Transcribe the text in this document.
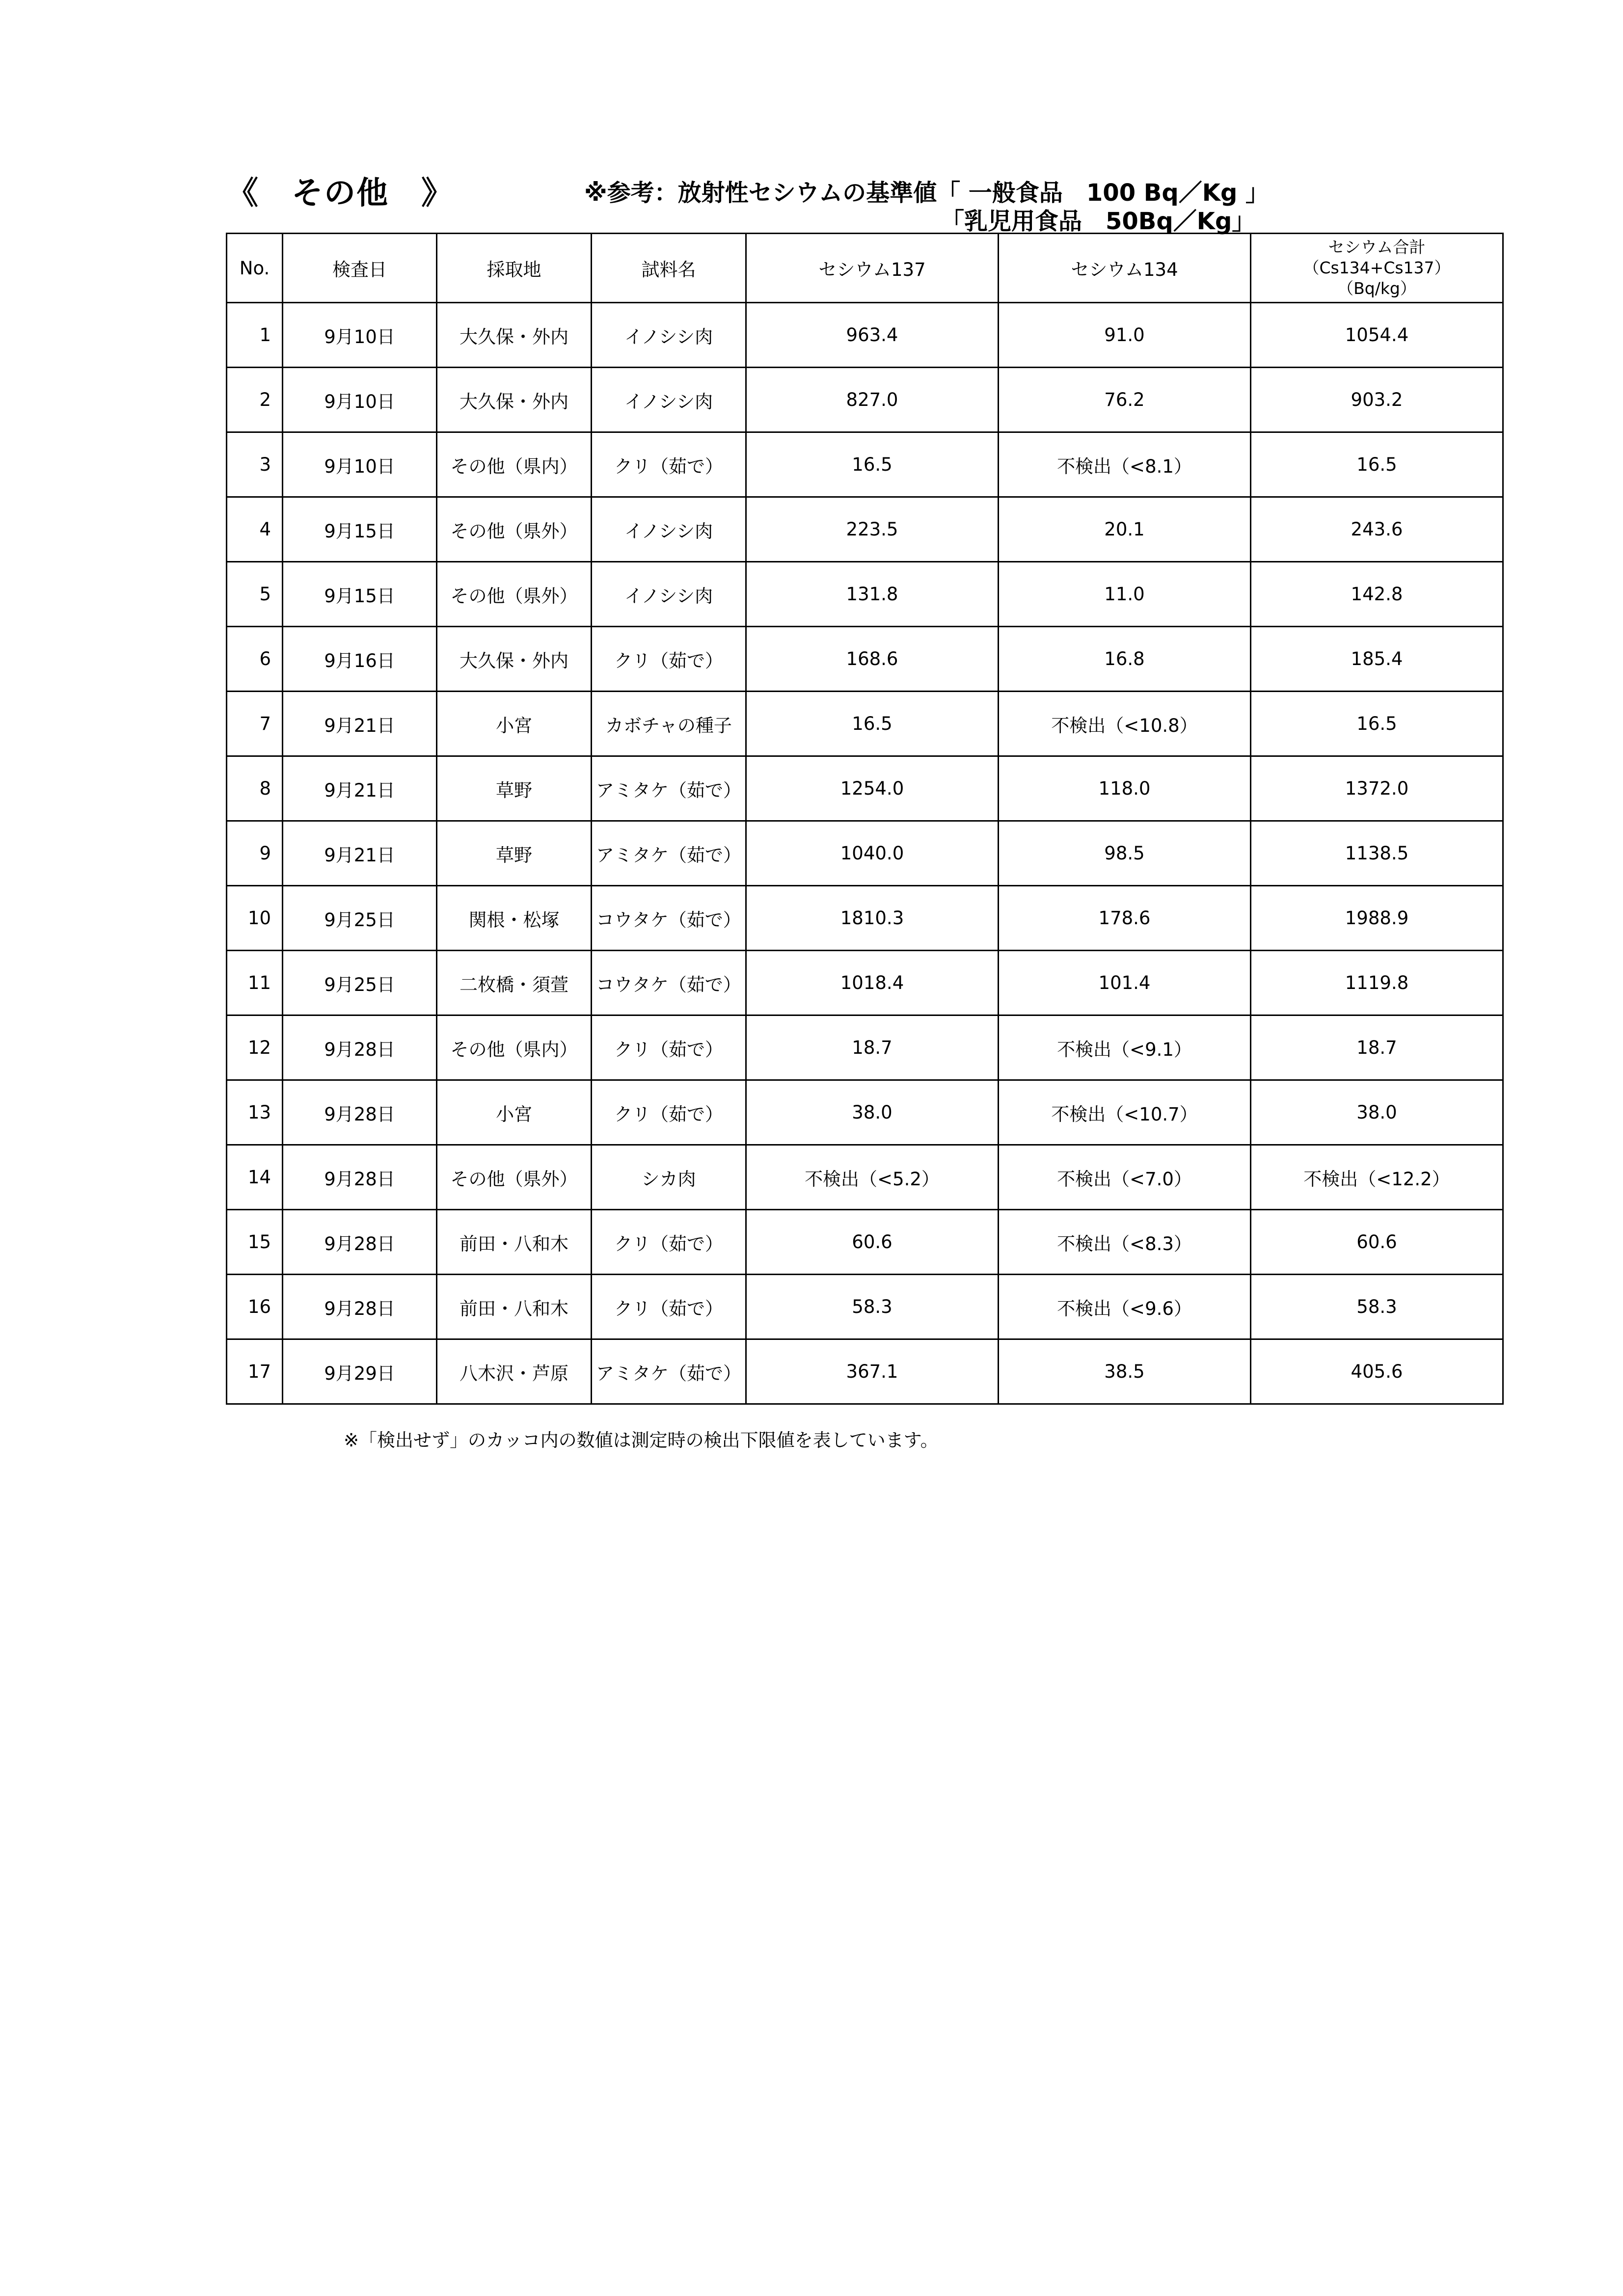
《　その他　》	※参考：放射性セシウムの基準値「 一般食品　100 Bq／Kg 」
「乳児用食品　50Bq／Kg」
No.	検査日	採取地	試料名	セシウム137	セシウム134	セシウム合計
（Cs134+Cs137）
（Bq/kg）

1	9月10日	大久保・外内	イノシシ肉	963.4	91.0	1054.4
2	9月10日	大久保・外内	イノシシ肉	827.0	76.2	903.2
3	9月10日	その他（県内）	クリ（茹で）	16.5	不検出（<8.1）	16.5
4	9月15日	その他（県外）	イノシシ肉	223.5	20.1	243.6
5	9月15日	その他（県外）	イノシシ肉	131.8	11.0	142.8
6	9月16日	大久保・外内	クリ（茹で）	168.6	16.8	185.4
7	9月21日	小宮	カボチャの種子	16.5	不検出（<10.8）	16.5
8	9月21日	草野	アミタケ（茹で）	1254.0	118.0	1372.0
9	9月21日	草野	アミタケ（茹で）	1040.0	98.5	1138.5
10	9月25日	関根・松塚	コウタケ（茹で）	1810.3	178.6	1988.9
11	9月25日	二枚橋・須萱	コウタケ（茹で）	1018.4	101.4	1119.8
12	9月28日	その他（県内）	クリ（茹で）	18.7	不検出（<9.1）	18.7
13	9月28日	小宮	クリ（茹で）	38.0	不検出（<10.7）	38.0
14	9月28日	その他（県外）	シカ肉	不検出（<5.2）	不検出（<7.0）	不検出（<12.2）
15	9月28日	前田・八和木	クリ（茹で）	60.6	不検出（<8.3）	60.6
16	9月28日	前田・八和木	クリ（茹で）	58.3	不検出（<9.6）	58.3
17	9月29日	八木沢・芦原	アミタケ（茹で）	367.1	38.5	405.6
※「検出せず」のカッコ内の数値は測定時の検出下限値を表しています。
